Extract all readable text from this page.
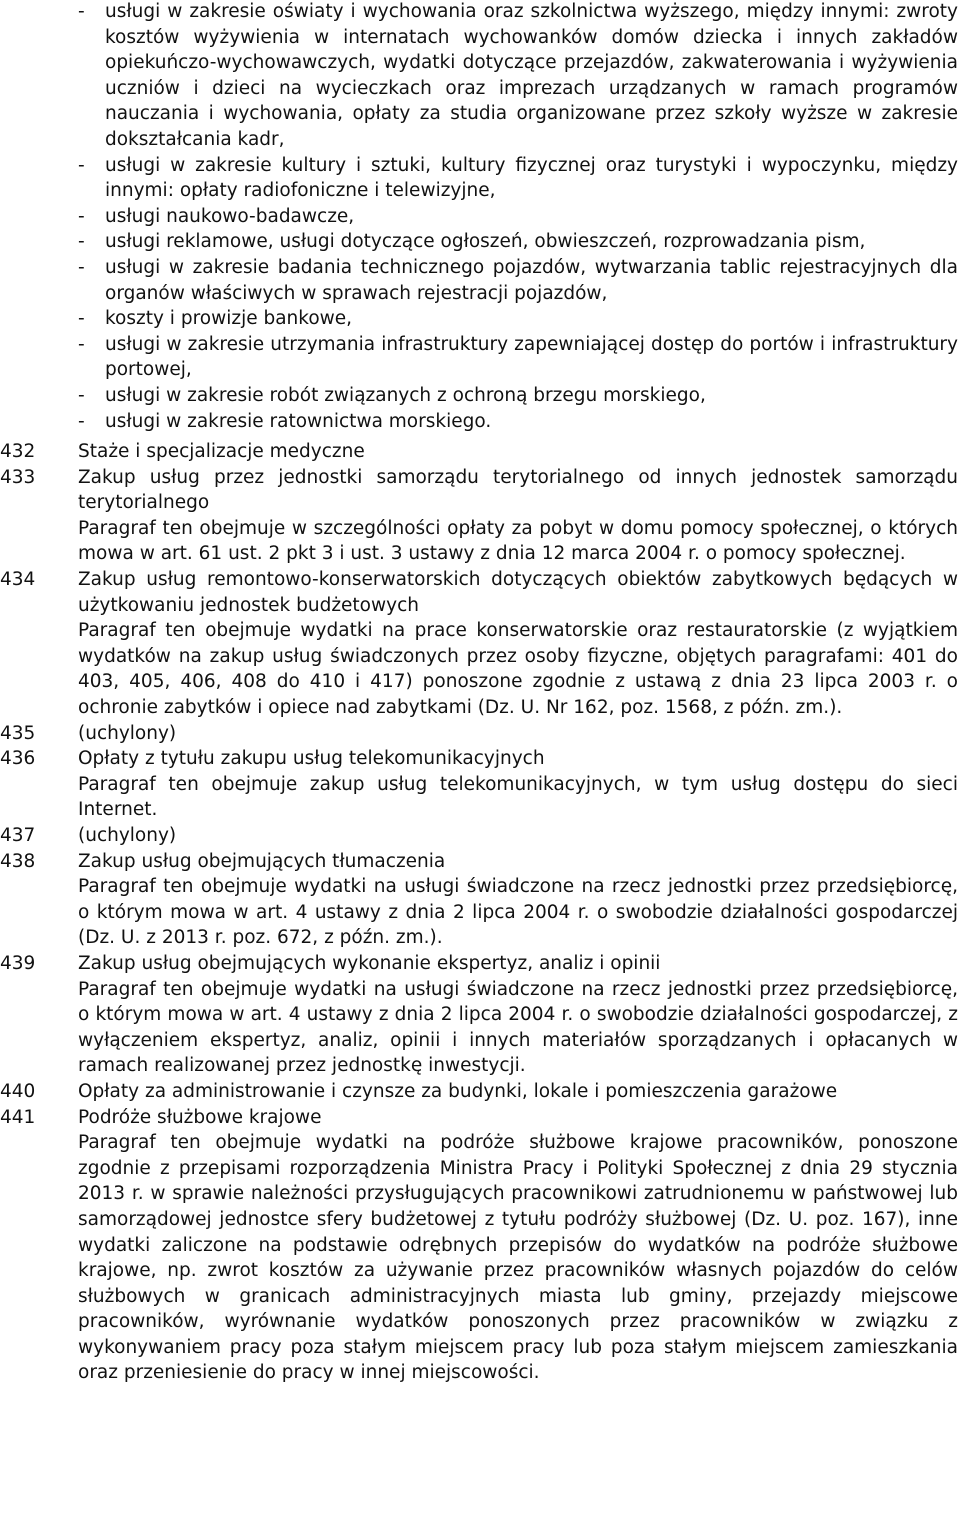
- usługi w zakresie oświaty i wychowania oraz szkolnictwa wyższego, między innymi: zwroty kosztów wyżywienia w internatach wychowanków domów dziecka i innych zakładów opiekuńczo-wychowawczych, wydatki dotyczące przejazdów, zakwaterowania i wyżywienia uczniów i dzieci na wycieczkach oraz imprezach urządzanych w ramach programów nauczania i wychowania, opłaty za studia organizowane przez szkoły wyższe w zakresie dokształcania kadr,
- usługi w zakresie kultury i sztuki, kultury fizycznej oraz turystyki i wypoczynku, między innymi: opłaty radiofoniczne i telewizyjne,
- usługi naukowo-badawcze,
- usługi reklamowe, usługi dotyczące ogłoszeń, obwieszczeń, rozprowadzania pism,
- usługi w zakresie badania technicznego pojazdów, wytwarzania tablic rejestracyjnych dla organów właściwych w sprawach rejestracji pojazdów,
- koszty i prowizje bankowe,
- usługi w zakresie utrzymania infrastruktury zapewniającej dostęp do portów i infrastruktury portowej,
- usługi w zakresie robót związanych z ochroną brzegu morskiego,
- usługi w zakresie ratownictwa morskiego.
432	Staże i specjalizacje medyczne
433	Zakup usług przez jednostki samorządu terytorialnego od innych jednostek samorządu terytorialnego
Paragraf ten obejmuje w szczególności opłaty za pobyt w domu pomocy społecznej, o których mowa w art. 61 ust. 2 pkt 3 i ust. 3 ustawy z dnia 12 marca 2004 r. o pomocy społecznej.
434	Zakup usług remontowo-konserwatorskich dotyczących obiektów zabytkowych będących w użytkowaniu jednostek budżetowych
Paragraf ten obejmuje wydatki na prace konserwatorskie oraz restauratorskie (z wyjątkiem wydatków na zakup usług świadczonych przez osoby fizyczne, objętych paragrafami: 401 do 403, 405, 406, 408 do 410 i 417) ponoszone zgodnie z ustawą z dnia 23 lipca 2003 r. o ochronie zabytków i opiece nad zabytkami (Dz. U. Nr 162, poz. 1568, z późn. zm.).
435	(uchylony)
436	Opłaty z tytułu zakupu usług telekomunikacyjnych
Paragraf ten obejmuje zakup usług telekomunikacyjnych, w tym usług dostępu do sieci Internet.
437	(uchylony)
438	Zakup usług obejmujących tłumaczenia
Paragraf ten obejmuje wydatki na usługi świadczone na rzecz jednostki przez przedsiębiorcę, o którym mowa w art. 4 ustawy z dnia 2 lipca 2004 r. o swobodzie działalności gospodarczej (Dz. U. z 2013 r. poz. 672, z późn. zm.).
439	Zakup usług obejmujących wykonanie ekspertyz, analiz i opinii
Paragraf ten obejmuje wydatki na usługi świadczone na rzecz jednostki przez przedsiębiorcę, o którym mowa w art. 4 ustawy z dnia 2 lipca 2004 r. o swobodzie działalności gospodarczej, z wyłączeniem ekspertyz, analiz, opinii i innych materiałów sporządzanych i opłacanych w ramach realizowanej przez jednostkę inwestycji.
440	Opłaty za administrowanie i czynsze za budynki, lokale i pomieszczenia garażowe
441	Podróże służbowe krajowe
Paragraf ten obejmuje wydatki na podróże służbowe krajowe pracowników, ponoszone zgodnie z przepisami rozporządzenia Ministra Pracy i Polityki Społecznej z dnia 29 stycznia 2013 r. w sprawie należności przysługujących pracownikowi zatrudnionemu w państwowej lub samorządowej jednostce sfery budżetowej z tytułu podróży służbowej (Dz. U. poz. 167), inne wydatki zaliczone na podstawie odrębnych przepisów do wydatków na podróże służbowe krajowe, np. zwrot kosztów za używanie przez pracowników własnych pojazdów do celów służbowych w granicach administracyjnych miasta lub gminy, przejazdy miejscowe pracowników, wyrównanie wydatków ponoszonych przez pracowników w związku z wykonywaniem pracy poza stałym miejscem pracy lub poza stałym miejscem zamieszkania oraz przeniesienie do pracy w innej miejscowości.
